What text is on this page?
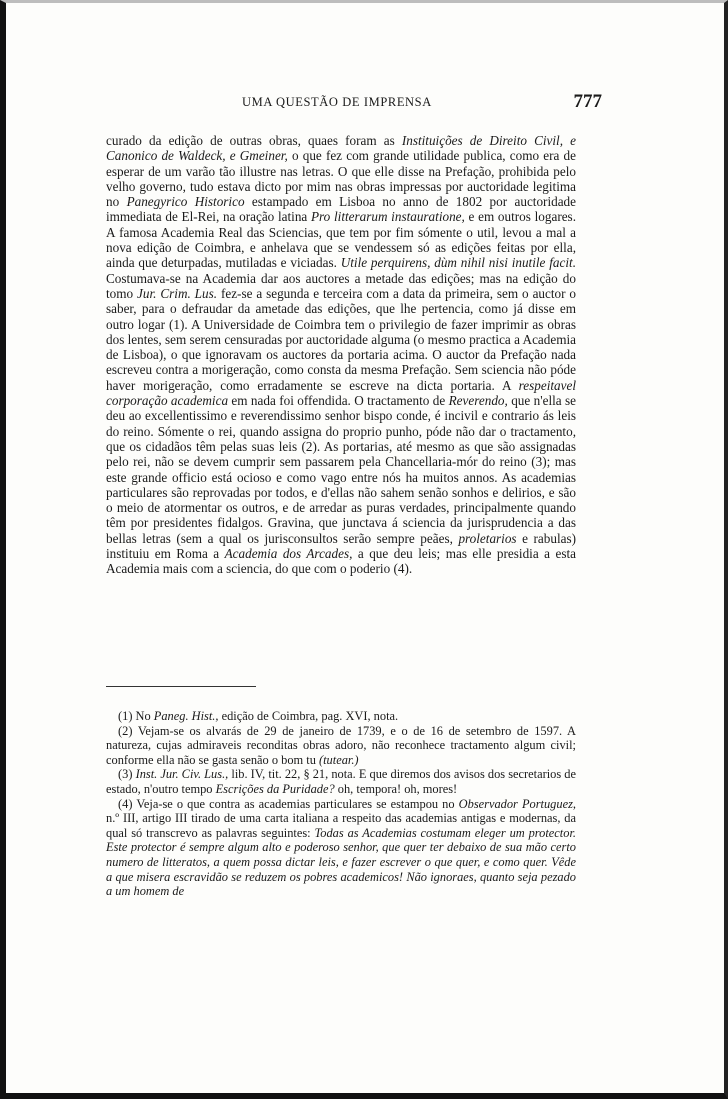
UMA QUESTÃO DE IMPRENSA	777

curado da edição de outras obras, quaes foram as Instituições de Direito Civil, e Canonico de Waldeck, e Gmeiner, o que fez com grande utilidade publica, como era de esperar de um varão tão illustre nas letras. O que elle disse na Prefação, prohibida pelo velho governo, tudo estava dicto por mim nas obras impressas por auctoridade legitima no Panegyrico Historico estampado em Lisboa no anno de 1802 por auctoridade immediata de El-Rei, na oração latina Pro litterarum instauratione, e em outros logares. A famosa Academia Real das Sciencias, que tem por fim sómente o util, levou a mal a nova edição de Coimbra, e anhelava que se vendessem só as edições feitas por ella, ainda que deturpadas, mutiladas e viciadas. Utile perquirens, dùm nihil nisi inutile facit. Costumava-se na Academia dar aos auctores a metade das edições; mas na edição do tomo Jur. Crim. Lus. fez-se a segunda e terceira com a data da primeira, sem o auctor o saber, para o defraudar da ametade das edições, que lhe pertencia, como já disse em outro logar (1). A Universidade de Coimbra tem o privilegio de fazer imprimir as obras dos lentes, sem serem censuradas por auctoridade alguma (o mesmo practica a Academia de Lisboa), o que ignoravam os auctores da portaria acima. O auctor da Prefação nada escreveu contra a morigeração, como consta da mesma Prefação. Sem sciencia não póde haver morigeração, como erradamente se escreve na dicta portaria. A respeitavel corporação academica em nada foi offendida. O tractamento de Reverendo, que n'ella se deu ao excellentissimo e reverendissimo senhor bispo conde, é incivil e contrario ás leis do reino. Sómente o rei, quando assigna do proprio punho, póde não dar o tractamento, que os cidadãos têm pelas suas leis (2). As portarias, até mesmo as que são assignadas pelo rei, não se devem cumprir sem passarem pela Chancellaria-mór do reino (3); mas este grande officio está ocioso e como vago entre nós ha muitos annos. As academias particulares são reprovadas por todos, e d'ellas não sahem senão sonhos e delirios, e são o meio de atormentar os outros, e de arredar as puras verdades, principalmente quando têm por presidentes fidalgos. Gravina, que junctava á sciencia da jurisprudencia a das bellas letras (sem a qual os jurisconsultos serão sempre peães, proletarios e rabulas) instituiu em Roma a Academia dos Arcades, a que deu leis; mas elle presidia a esta Academia mais com a sciencia, do que com o poderio (4).

(1) No Paneg. Hist., edição de Coimbra, pag. XVI, nota.

(2) Vejam-se os alvarás de 29 de janeiro de 1739, e o de 16 de setembro de 1597. A natureza, cujas admiraveis reconditas obras adoro, não reconhece tractamento algum civil; conforme ella não se gasta senão o bom tu (tutear.)

(3) Inst. Jur. Civ. Lus., lib. IV, tit. 22, § 21, nota. E que diremos dos avisos dos secretarios de estado, n'outro tempo Escrições da Puridade? oh, tempora! oh, mores!

(4) Veja-se o que contra as academias particulares se estampou no Observador Portuguez, n.º III, artigo III tirado de uma carta italiana a respeito das academias antigas e modernas, da qual só transcrevo as palavras seguintes: Todas as Academias costumam eleger um protector. Este protector é sempre algum alto e poderoso senhor, que quer ter debaixo de sua mão certo numero de litteratos, a quem possa dictar leis, e fazer escrever o que quer, e como quer. Vêde a que misera escravidão se reduzem os pobres academicos! Não ignoraes, quanto seja pezado a um homem de
